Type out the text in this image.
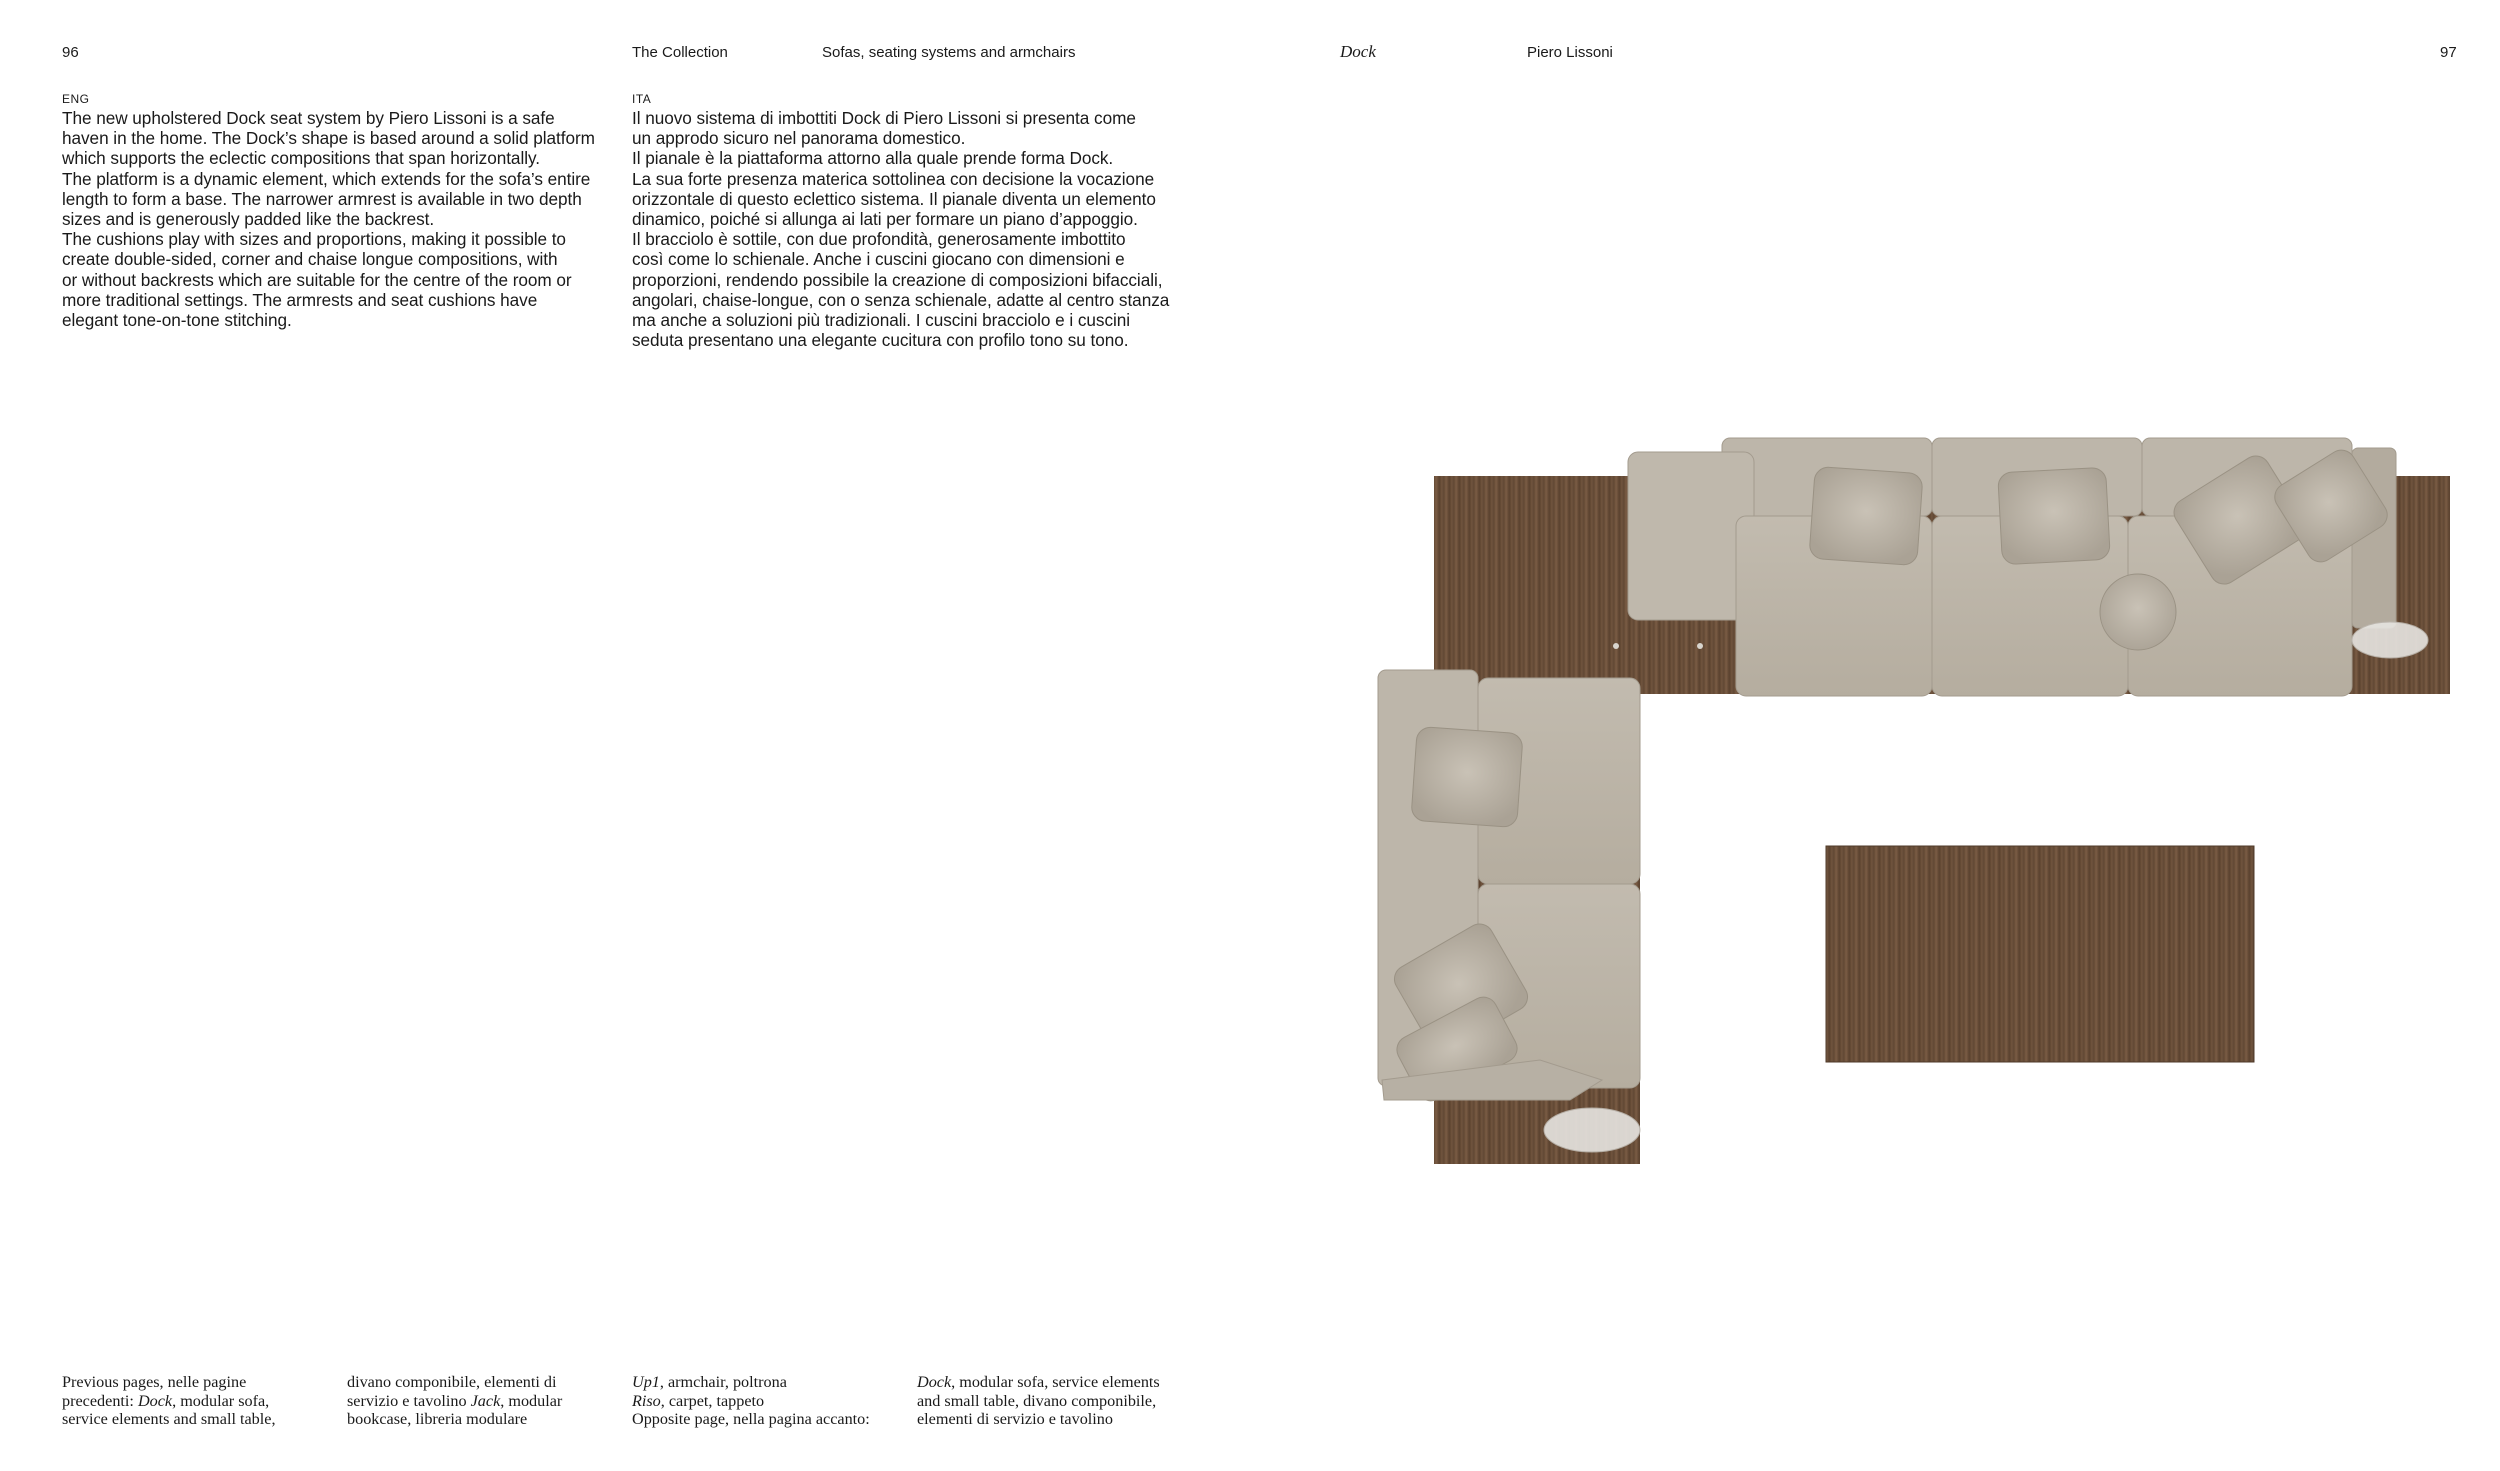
96	The Collection	Sofas, seating systems and armchairs	Dock	Piero Lissoni	97
ENG

The new upholstered Dock seat system by Piero Lissoni is a safe
haven in the home. The Dock’s shape is based around a solid platform
which supports the eclectic compositions that span horizontally.

The platform is a dynamic element, which extends for the sofa’s entire
length to form a base. The narrower armrest is available in two depth
sizes and is generously padded like the backrest.

The cushions play with sizes and proportions, making it possible to
create double-sided, corner and chaise longue compositions, with
or without backrests which are suitable for the centre of the room or
more traditional settings. The armrests and seat cushions have
elegant tone-on-tone stitching.

ITA

Il nuovo sistema di imbottiti Dock di Piero Lissoni si presenta come
un approdo sicuro nel panorama domestico.

Il pianale è la piattaforma attorno alla quale prende forma Dock.
La sua forte presenza materica sottolinea con decisione la vocazione
orizzontale di questo eclettico sistema. Il pianale diventa un elemento
dinamico, poiché si allunga ai lati per formare un piano d’appoggio.

Il bracciolo è sottile, con due profondità, generosamente imbottito
così come lo schienale. Anche i cuscini giocano con dimensioni e
proporzioni, rendendo possibile la creazione di composizioni bifacciali,
angolari, chaise-longue, con o senza schienale, adatte al centro stanza
ma anche a soluzioni più tradizionali. I cuscini bracciolo e i cuscini
seduta presentano una elegante cucitura con profilo tono su tono.

Previous pages, nelle pagine
precedenti: Dock, modular sofa,
service elements and small table,
divano componibile, elementi di
servizio e tavolino Jack, modular
bookcase, libreria modulare
Up1, armchair, poltrona
Riso, carpet, tappeto
Opposite page, nella pagina accanto:
Dock, modular sofa, service elements
and small table, divano componibile,
elementi di servizio e tavolino
